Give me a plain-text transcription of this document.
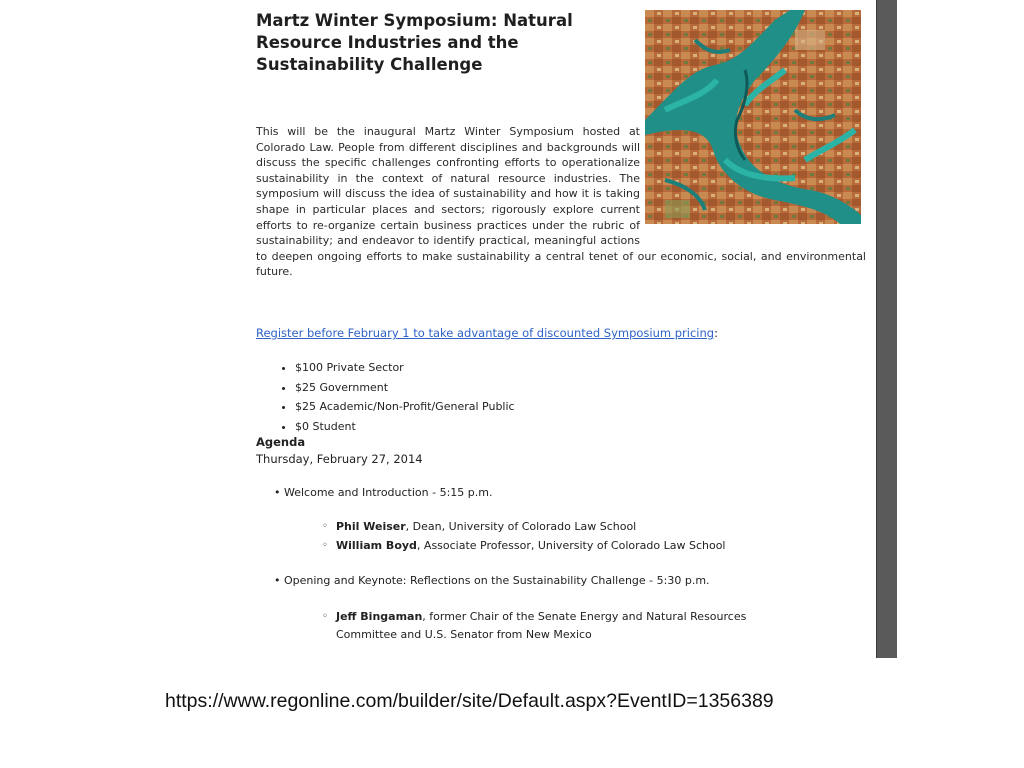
Martz Winter Symposium: Natural
Resource Industries and the
Sustainability Challenge

This will be the inaugural Martz Winter Symposium hosted at Colorado Law. People from different disciplines and backgrounds will discuss the specific challenges confronting efforts to operationalize sustainability in the context of natural resource industries. The symposium will discuss the idea of sustainability and how it is taking shape in particular places and sectors; rigorously explore current efforts to re-organize certain business practices under the rubric of sustainability; and endeavor to identify practical, meaningful actions to deepen ongoing efforts to make sustainability a central tenet of our economic, social, and environmental future.

Register before February 1 to take advantage of discounted Symposium pricing:

• $100 Private Sector
• $25 Government
• $25 Academic/Non-Profit/General Public
• $0 Student

Agenda

Thursday, February 27, 2014

• Welcome and Introduction - 5:15 p.m.

◦ Phil Weiser, Dean, University of Colorado Law School

◦ William Boyd, Associate Professor, University of Colorado Law School

• Opening and Keynote: Reflections on the Sustainability Challenge - 5:30 p.m.

◦ Jeff Bingaman, former Chair of the Senate Energy and Natural Resources Committee and U.S. Senator from New Mexico

https://www.regonline.com/builder/site/Default.aspx?EventID=1356389
